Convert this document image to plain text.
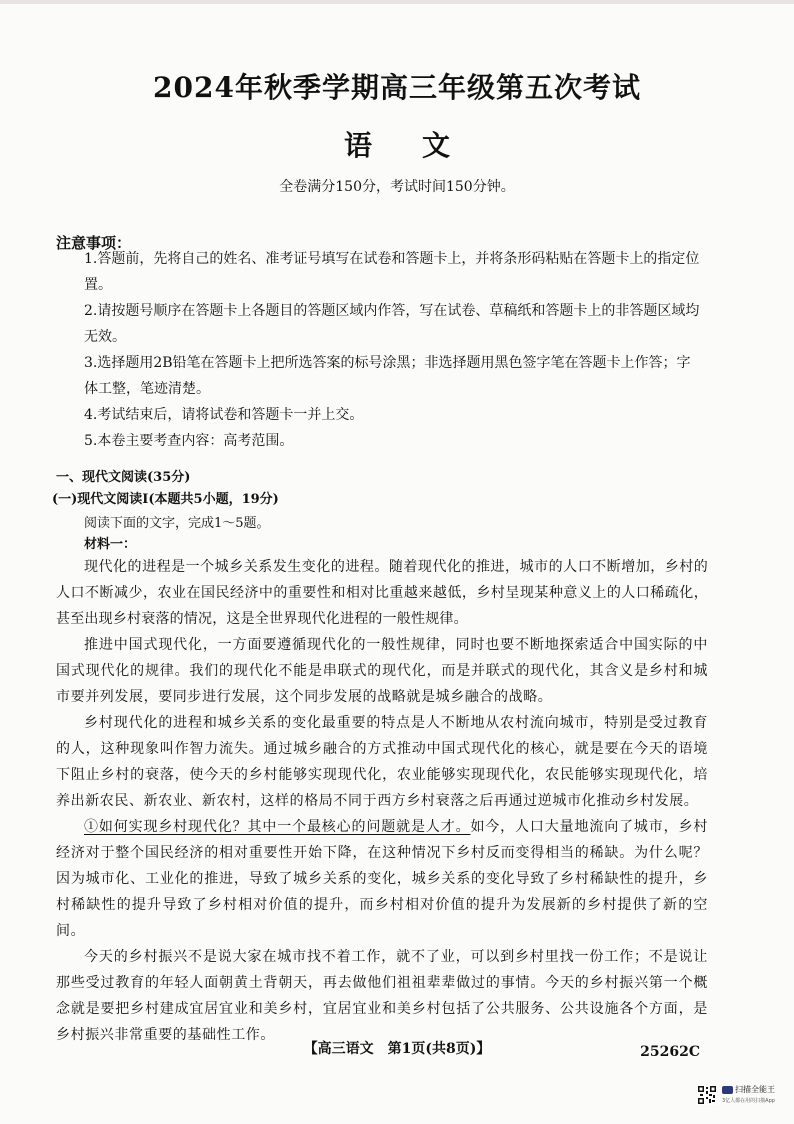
2024年秋季学期高三年级第五次考试
语文
全卷满分150分，考试时间150分钟。
注意事项：
1.答题前，先将自己的姓名、准考证号填写在试卷和答题卡上，并将条形码粘贴在答题卡上的指定位置。
2.请按题号顺序在答题卡上各题目的答题区域内作答，写在试卷、草稿纸和答题卡上的非答题区域均无效。
3.选择题用2B铅笔在答题卡上把所选答案的标号涂黑；非选择题用黑色签字笔在答题卡上作答；字体工整，笔迹清楚。
4.考试结束后，请将试卷和答题卡一并上交。
5.本卷主要考查内容：高考范围。
一、现代文阅读(35分)
(一)现代文阅读Ⅰ(本题共5小题，19分)
阅读下面的文字，完成1～5题。
材料一：

现代化的进程是一个城乡关系发生变化的进程。随着现代化的推进，城市的人口不断增加，乡村的人口不断减少，农业在国民经济中的重要性和相对比重越来越低，乡村呈现某种意义上的人口稀疏化，甚至出现乡村衰落的情况，这是全世界现代化进程的一般性规律。

推进中国式现代化，一方面要遵循现代化的一般性规律，同时也要不断地探索适合中国实际的中国式现代化的规律。我们的现代化不能是串联式的现代化，而是并联式的现代化，其含义是乡村和城市要并列发展，要同步进行发展，这个同步发展的战略就是城乡融合的战略。

乡村现代化的进程和城乡关系的变化最重要的特点是人不断地从农村流向城市，特别是受过教育的人，这种现象叫作智力流失。通过城乡融合的方式推动中国式现代化的核心，就是要在今天的语境下阻止乡村的衰落，使今天的乡村能够实现现代化，农业能够实现现代化，农民能够实现现代化，培养出新农民、新农业、新农村，这样的格局不同于西方乡村衰落之后再通过逆城市化推动乡村发展。

①如何实现乡村现代化？其中一个最核心的问题就是人才。如今，人口大量地流向了城市，乡村经济对于整个国民经济的相对重要性开始下降，在这种情况下乡村反而变得相当的稀缺。为什么呢？因为城市化、工业化的推进，导致了城乡关系的变化，城乡关系的变化导致了乡村稀缺性的提升，乡村稀缺性的提升导致了乡村相对价值的提升，而乡村相对价值的提升为发展新的乡村提供了新的空间。

今天的乡村振兴不是说大家在城市找不着工作，就不了业，可以到乡村里找一份工作；不是说让那些受过教育的年轻人面朝黄土背朝天，再去做他们祖祖辈辈做过的事情。今天的乡村振兴第一个概念就是要把乡村建成宜居宜业和美乡村，宜居宜业和美乡村包括了公共服务、公共设施各个方面，是乡村振兴非常重要的基础性工作。

【高三语文　第1页(共8页)】	25262C
扫描全能王
3亿人都在用的扫描App
